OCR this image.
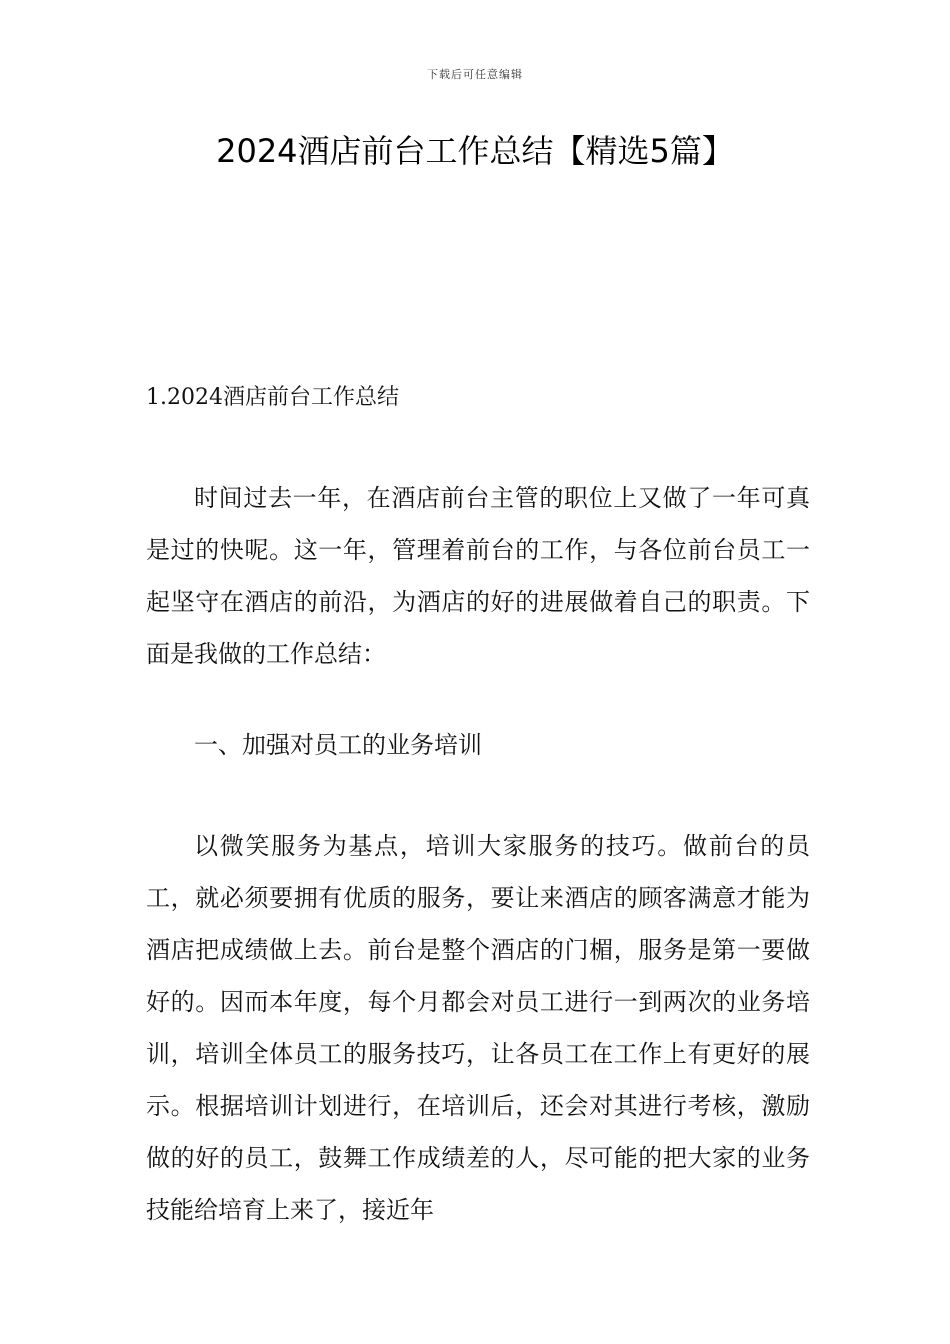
下载后可任意编辑
2024酒店前台工作总结【精选5篇】
1.2024酒店前台工作总结

时间过去一年，在酒店前台主管的职位上又做了一年可真是过的快呢。这一年，管理着前台的工作，与各位前台员工一起坚守在酒店的前沿，为酒店的好的进展做着自己的职责。下面是我做的工作总结：

一、加强对员工的业务培训

以微笑服务为基点，培训大家服务的技巧。做前台的员工，就必须要拥有优质的服务，要让来酒店的顾客满意才能为酒店把成绩做上去。前台是整个酒店的门楣，服务是第一要做好的。因而本年度，每个月都会对员工进行一到两次的业务培训，培训全体员工的服务技巧，让各员工在工作上有更好的展示。根据培训计划进行，在培训后，还会对其进行考核，激励做的好的员工，鼓舞工作成绩差的人，尽可能的把大家的业务技能给培育上来了，接近年
